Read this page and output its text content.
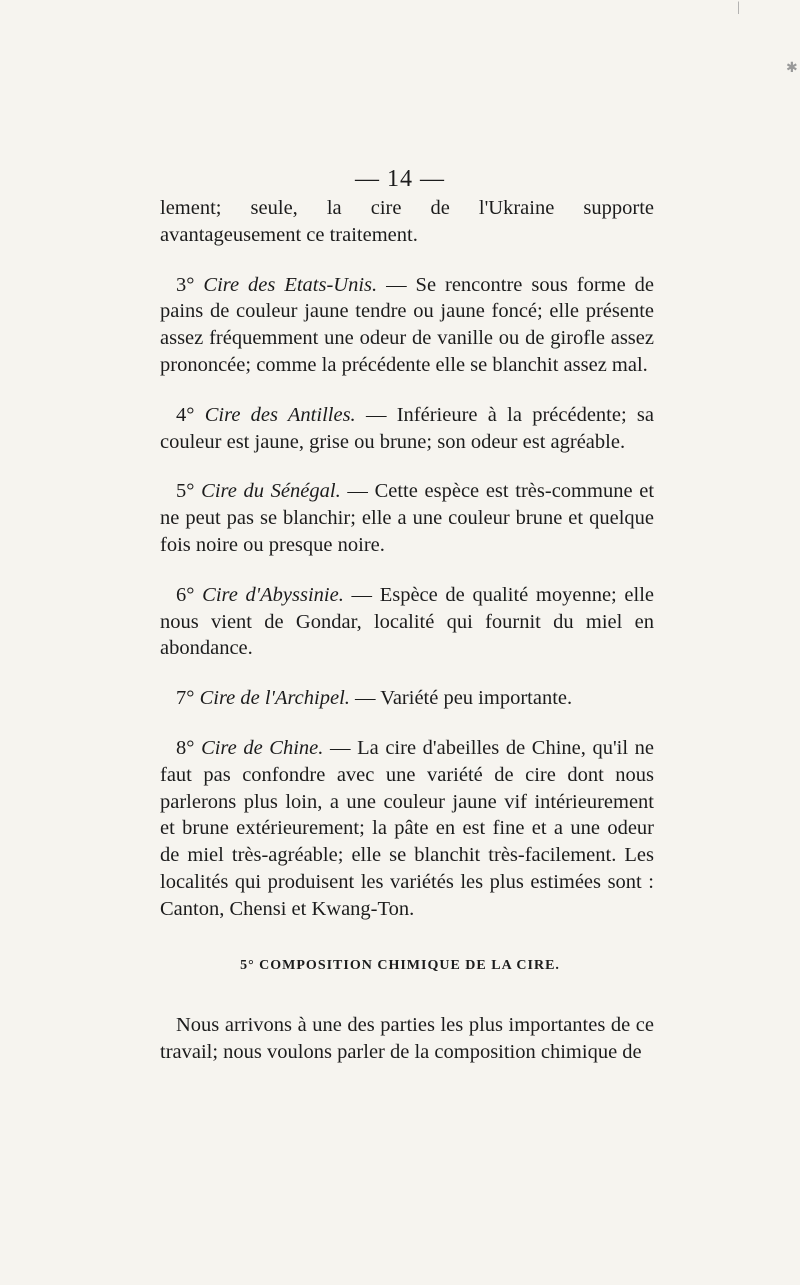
— 14 —

lement; seule, la cire de l'Ukraine supporte avantageusement ce traitement.

3° Cire des Etats-Unis. — Se rencontre sous forme de pains de couleur jaune tendre ou jaune foncé; elle présente assez fréquemment une odeur de vanille ou de girofle assez prononcée; comme la précédente elle se blanchit assez mal.

4° Cire des Antilles. — Inférieure à la précédente; sa couleur est jaune, grise ou brune; son odeur est agréable.

5° Cire du Sénégal. — Cette espèce est très-commune et ne peut pas se blanchir; elle a une couleur brune et quelque fois noire ou presque noire.

6° Cire d'Abyssinie. — Espèce de qualité moyenne; elle nous vient de Gondar, localité qui fournit du miel en abondance.

7° Cire de l'Archipel. — Variété peu importante.

8° Cire de Chine. — La cire d'abeilles de Chine, qu'il ne faut pas confondre avec une variété de cire dont nous parlerons plus loin, a une couleur jaune vif intérieurement et brune extérieurement; la pâte en est fine et a une odeur de miel très-agréable; elle se blanchit très-facilement. Les localités qui produisent les variétés les plus estimées sont : Canton, Chensi et Kwang-Ton.

5° COMPOSITION CHIMIQUE DE LA CIRE.

Nous arrivons à une des parties les plus importantes de ce travail; nous voulons parler de la composition chimique de

|
✱
